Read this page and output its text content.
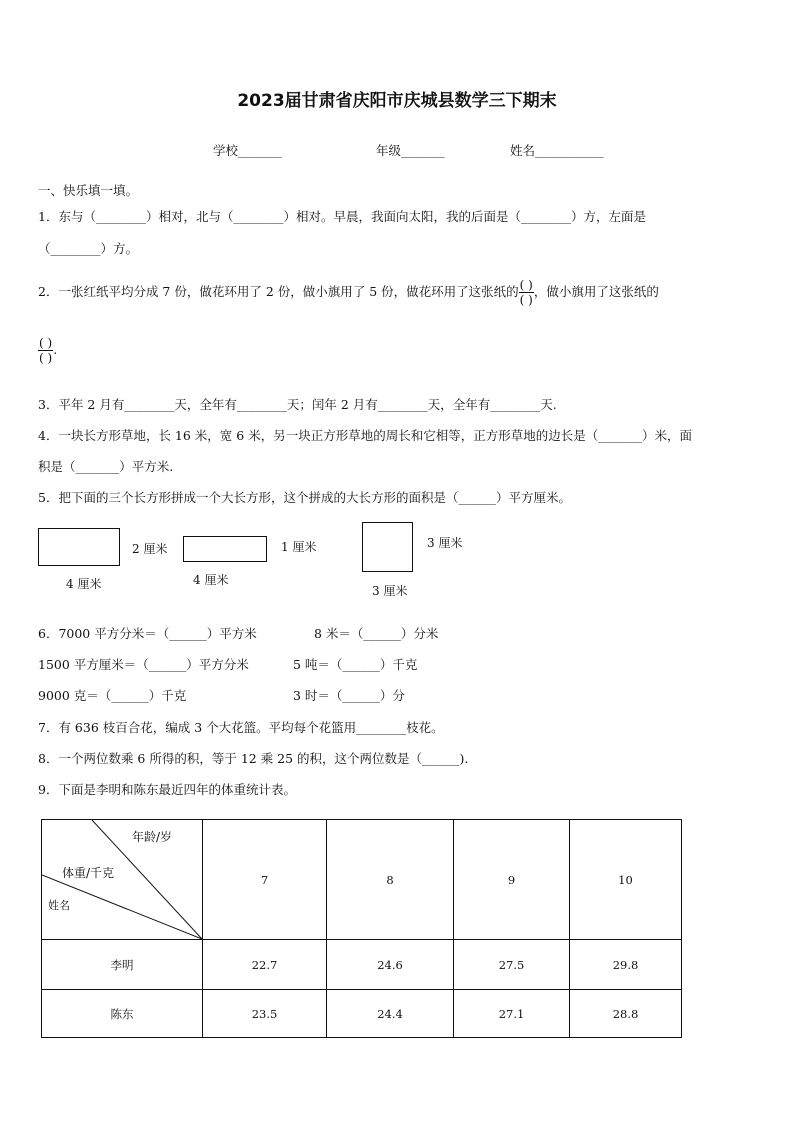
2023届甘肃省庆阳市庆城县数学三下期末
学校_______	年级_______	姓名___________
一、快乐填一填。
1．东与（________）相对，北与（________）相对。早晨，我面向太阳，我的后面是（________）方，左面是
（________）方。
2．一张红纸平均分成 7 份，做花环用了 2 份，做小旗用了 5 份，做花环用了这张纸的 $\frac{( )}{( )}$ ，做小旗用了这张纸的
$\frac{( )}{( )}$ .
3．平年 2 月有________天，全年有________天；闰年 2 月有________天，全年有________天.
4．一块长方形草地，长 16 米，宽 6 米，另一块正方形草地的周长和它相等，正方形草地的边长是（_______）米，面
积是（_______）平方米.
5．把下面的三个长方形拼成一个大长方形，这个拼成的大长方形的面积是（______）平方厘米。
2 厘米
4 厘米
1 厘米
4 厘米
3 厘米
3 厘米
6．7000 平方分米＝（______）平方米	8 米＝（______）分米
1500 平方厘米＝（______）平方分米	5 吨＝（______）千克
9000 克＝（______）千克	3 时＝（______）分
7．有 636 枝百合花，编成 3 个大花篮。平均每个花篮用________枝花。
8．一个两位数乘 6 所得的积，等于 12 乘 25 的积，这个两位数是（______).
9．下面是李明和陈东最近四年的体重统计表。
年龄/岁
体重/千克
姓名	7	8	9	10
李明	22.7	24.6	27.5	29.8
陈东	23.5	24.4	27.1	28.8
